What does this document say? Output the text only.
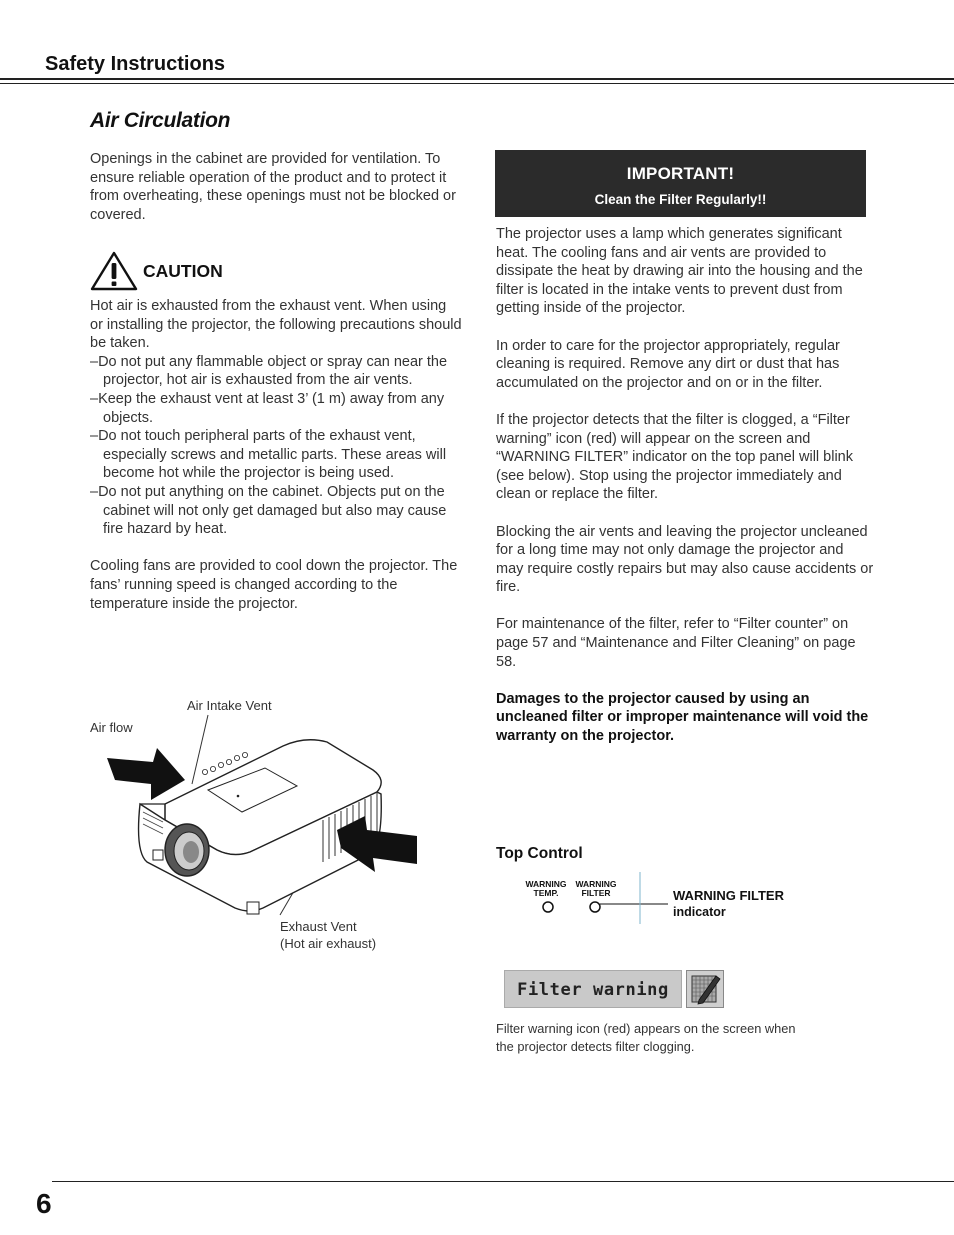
Safety Instructions
Air Circulation
Openings in the cabinet are provided for ventilation. To ensure reliable operation of the product and to protect it from overheating, these openings must not be blocked or covered.
CAUTION

Hot air is exhausted from the exhaust vent. When using or installing the projector, the following precautions should be taken.

–Do not put any flammable object or spray can near the projector, hot air is exhausted from the air vents.

–Keep the exhaust vent at least 3’ (1 m) away from any objects.

–Do not touch peripheral parts of the exhaust vent, especially screws and metallic parts. These areas will become hot while the projector is being used.

–Do not put anything on the cabinet. Objects put on the cabinet will not only get damaged but also may cause fire hazard by heat.

Cooling fans are provided to cool down the projector. The fans’ running speed is changed according to the temperature inside the projector.

Air Intake Vent
Air flow
Exhaust Vent
(Hot air exhaust)
IMPORTANT!
Clean the Filter Regularly!!

The projector uses a lamp which generates significant heat. The cooling fans and air vents are provided to dissipate the heat by drawing air into the housing and the filter is located in the intake vents to prevent dust from getting inside of the projector.

In order to care for the projector appropriately, regular cleaning is required. Remove any dirt or dust that has accumulated on the projector and on or in the filter.

If the projector detects that the filter is clogged, a “Filter warning” icon (red) will appear on the screen and “WARNING FILTER” indicator on the top panel will blink (see below). Stop using the projector immediately and clean or replace the filter.

Blocking the air vents and leaving the projector uncleaned for a long time may not only damage the projector and may require costly repairs but may also cause accidents or fire.

For maintenance of the filter, refer to “Filter counter” on page 57 and “Maintenance and Filter Cleaning” on page 58.

Damages to the projector caused by using an uncleaned filter or improper maintenance will void the warranty on the projector.

Top Control
WARNING
TEMP.
WARNING
FILTER	WARNING FILTER
indicator
Filter warning
Filter warning icon (red) appears on the screen when the projector detects filter clogging.
6
